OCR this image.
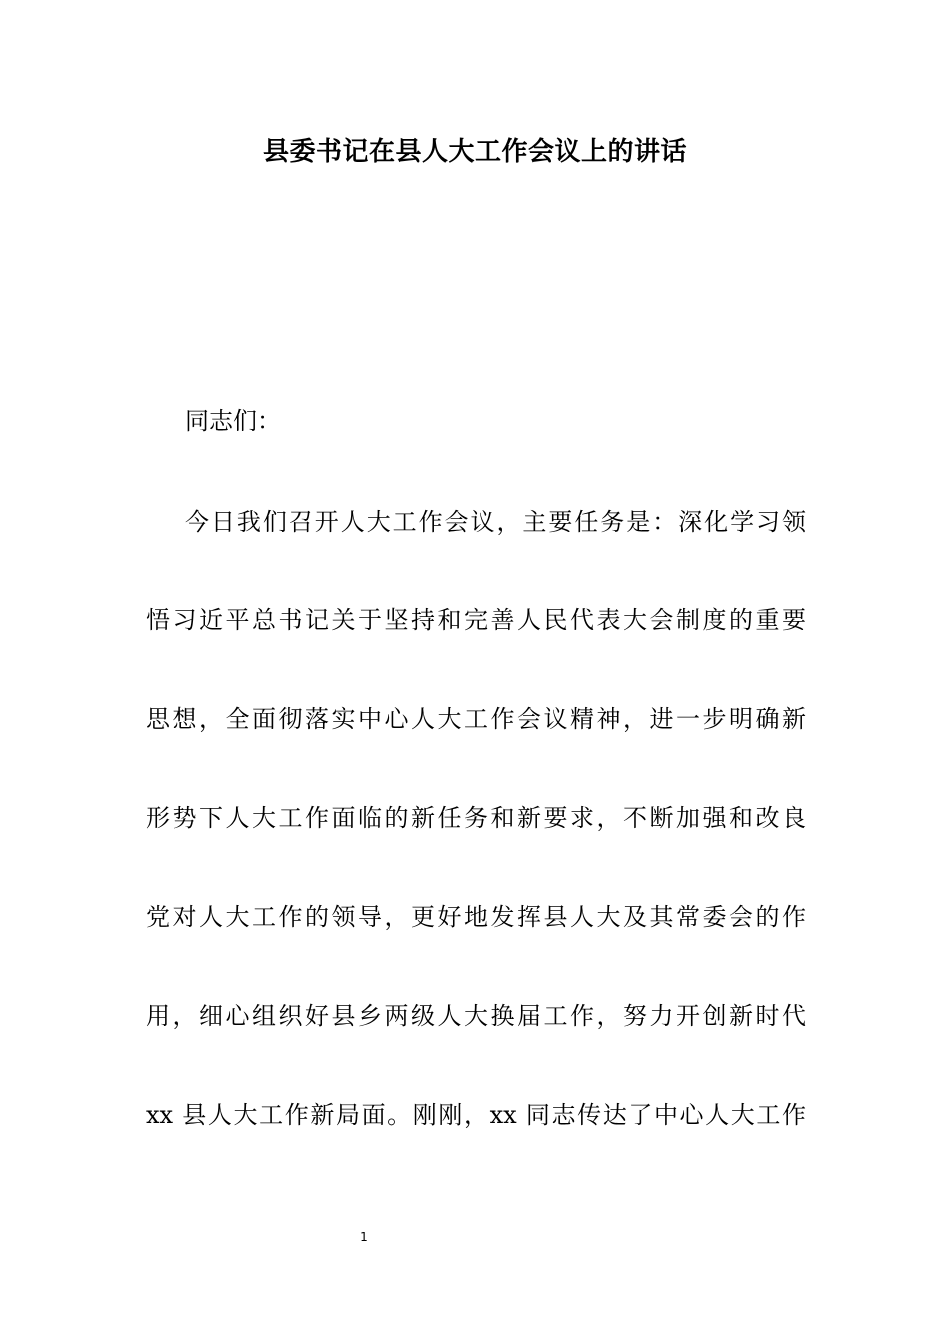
县委书记在县人大工作会议上的讲话
同志们：
今日我们召开人大工作会议，主要任务是：深化学习领
悟习近平总书记关于坚持和完善人民代表大会制度的重要
思想，全面彻落实中心人大工作会议精神，进一步明确新
形势下人大工作面临的新任务和新要求，不断加强和改良
党对人大工作的领导，更好地发挥县人大及其常委会的作
用，细心组织好县乡两级人大换届工作，努力开创新时代
xx 县人大工作新局面。刚刚，xx 同志传达了中心人大工作
1
